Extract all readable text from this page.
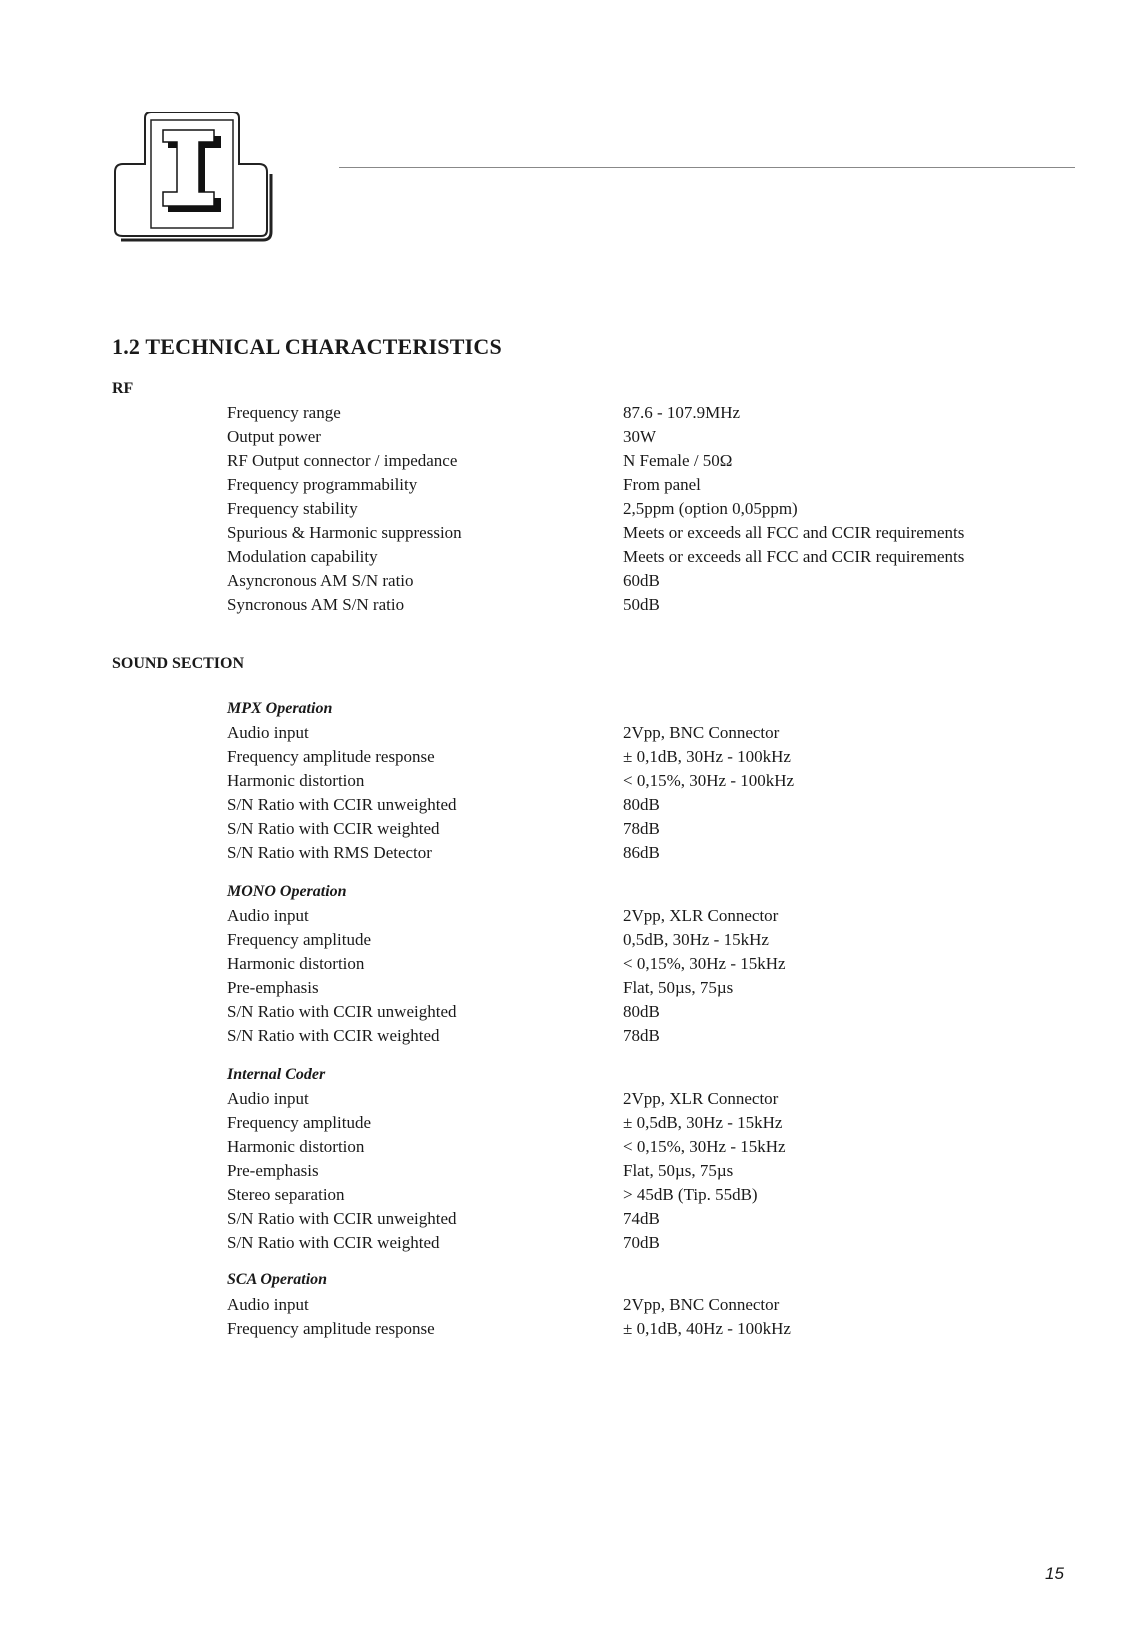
I
1.2 TECHNICAL CHARACTERISTICS

RF

Frequency range	87.6 - 107.9MHz
Output power	30W
RF Output connector / impedance	N Female / 50Ω
Frequency programmability	From panel
Frequency stability	2,5ppm (option 0,05ppm)
Spurious & Harmonic suppression	Meets or exceeds all FCC and CCIR requirements
Modulation capability	Meets or exceeds all FCC and CCIR requirements
Asyncronous AM S/N ratio	60dB
Syncronous AM S/N ratio	50dB

SOUND SECTION

MPX Operation

Audio input	2Vpp, BNC Connector
Frequency amplitude response	± 0,1dB, 30Hz - 100kHz
Harmonic distortion	< 0,15%, 30Hz - 100kHz
S/N Ratio with CCIR unweighted	80dB
S/N Ratio with CCIR weighted	78dB
S/N Ratio with RMS Detector	86dB

MONO Operation

Audio input	2Vpp, XLR Connector
Frequency amplitude	0,5dB, 30Hz - 15kHz
Harmonic distortion	< 0,15%, 30Hz - 15kHz
Pre-emphasis	Flat, 50µs, 75µs
S/N Ratio with CCIR unweighted	80dB
S/N Ratio with CCIR weighted	78dB

Internal Coder

Audio input	2Vpp, XLR Connector
Frequency amplitude	± 0,5dB, 30Hz - 15kHz
Harmonic distortion	< 0,15%, 30Hz - 15kHz
Pre-emphasis	Flat, 50µs, 75µs
Stereo separation	> 45dB (Tip. 55dB)
S/N Ratio with CCIR unweighted	74dB
S/N Ratio with CCIR weighted	70dB

SCA Operation

Audio input	2Vpp, BNC Connector
Frequency amplitude response	± 0,1dB, 40Hz - 100kHz

15
